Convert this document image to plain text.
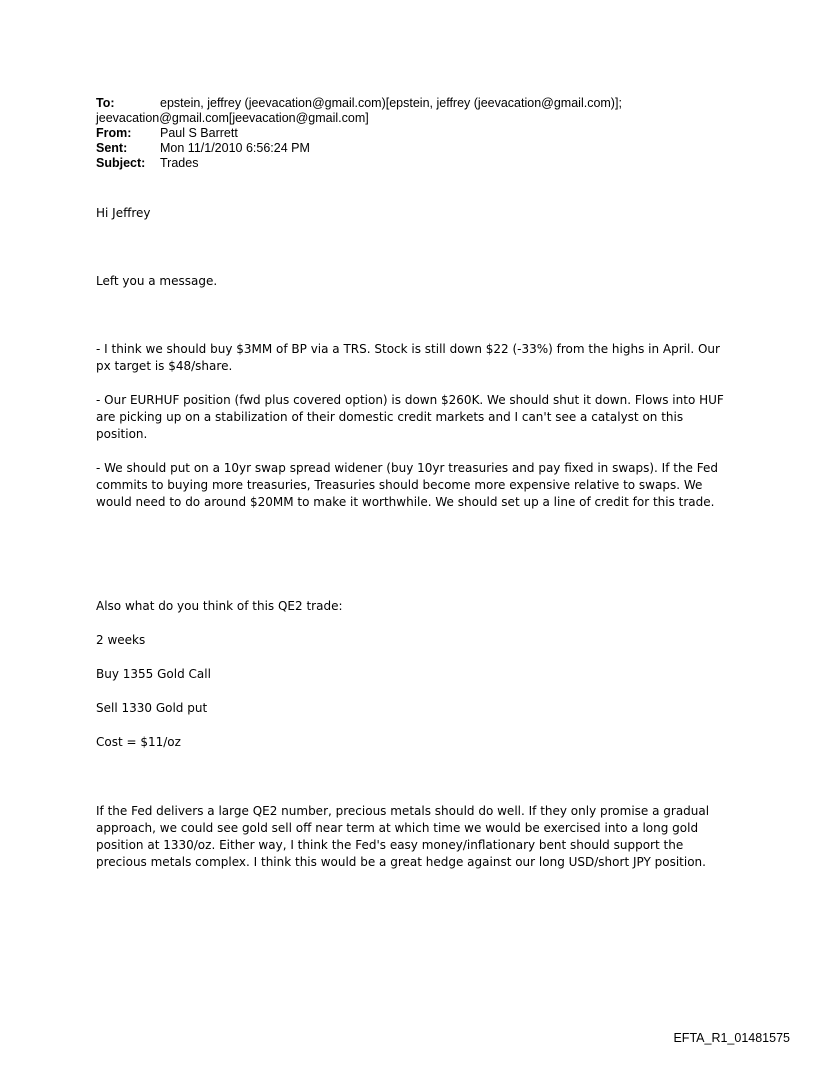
To:	epstein, jeffrey (jeevacation@gmail.com)[epstein, jeffrey (jeevacation@gmail.com)];
jeevacation@gmail.com[jeevacation@gmail.com]
From: Paul S Barrett
Sent:	Mon 11/1/2010 6:56:24 PM
Subject: Trades
Hi Jeffrey
Left you a message.
- I think we should buy $3MM of BP via a TRS. Stock is still down $22 (-33%) from the highs in April. Our px target is $48/share.
- Our EURHUF position (fwd plus covered option) is down $260K. We should shut it down. Flows into HUF are picking up on a stabilization of their domestic credit markets and I can't see a catalyst on this position.
- We should put on a 10yr swap spread widener (buy 10yr treasuries and pay fixed in swaps). If the Fed commits to buying more treasuries, Treasuries should become more expensive relative to swaps. We would need to do around $20MM to make it worthwhile. We should set up a line of credit for this trade.
Also what do you think of this QE2 trade:
2 weeks
Buy 1355 Gold Call
Sell 1330 Gold put
Cost = $11/oz
If the Fed delivers a large QE2 number, precious metals should do well. If they only promise a gradual approach, we could see gold sell off near term at which time we would be exercised into a long gold position at 1330/oz. Either way, I think the Fed's easy money/inflationary bent should support the precious metals complex. I think this would be a great hedge against our long USD/short JPY position.
EFTA_R1_01481575
